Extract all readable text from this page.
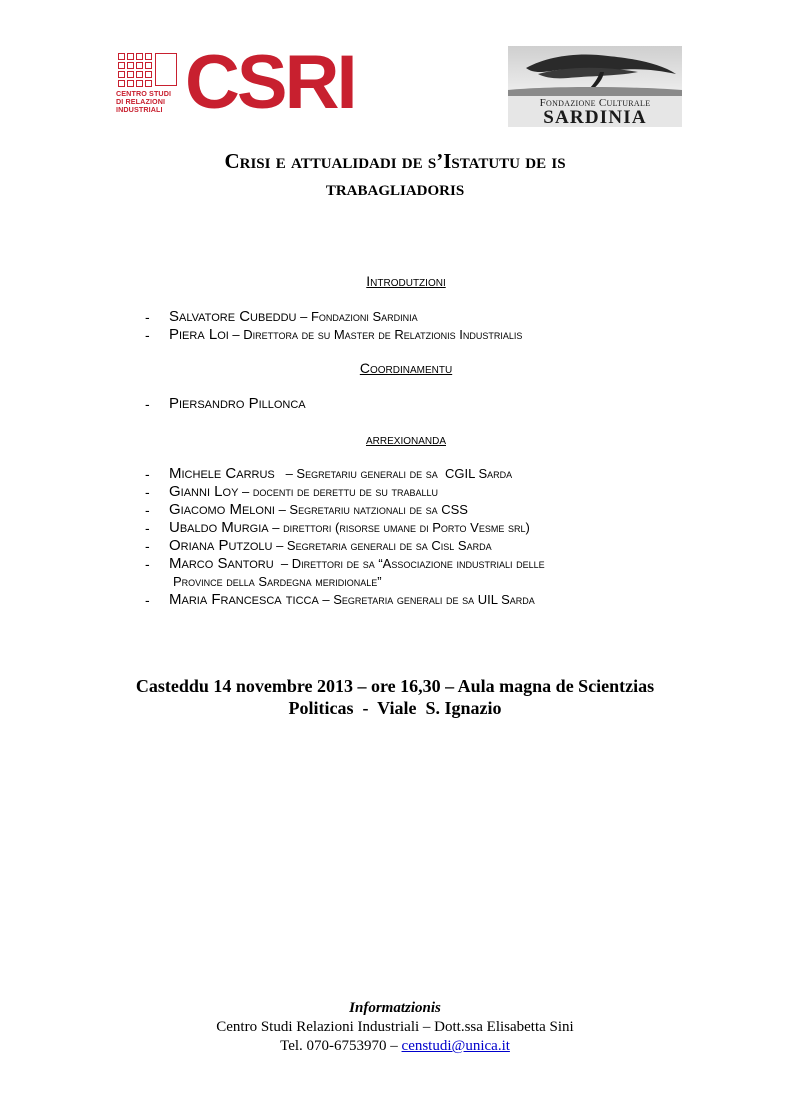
CENTRO STUDI
DI RELAZIONI
INDUSTRIALI CSRI	Fondazione Culturale
SARDINIA
Crisi e attualidadi de s’Istatutu de is
trabagliadoris
Introdutzioni
- Salvatore Cubeddu – Fondazioni Sardinia
- Piera Loi – Direttora de su Master de Relatzionis Industrialis
Coordinamentu
- Piersandro Pillonca
arrexionanda
- Michele Carrus   – Segretariu generali de sa  CGIL Sarda
- Gianni Loy – docenti de derettu de su traballu
- Giacomo Meloni – Segretariu natzionali de sa CSS
- Ubaldo Murgia – direttori (risorse umane di Porto Vesme srl)
- Oriana Putzolu – Segretaria generali de sa Cisl Sarda
- Marco Santoru  – Direttori de sa “Associazione industriali delle
Province della Sardegna meridionale”
- Maria Francesca ticca – Segretaria generali de sa UIL Sarda
Casteddu 14 novembre 2013 – ore 16,30 – Aula magna de Scientzias
Politicas  -  Viale  S. Ignazio
Informatzionis
Centro Studi Relazioni Industriali – Dott.ssa Elisabetta Sini
Tel. 070-6753970 – censtudi@unica.it
